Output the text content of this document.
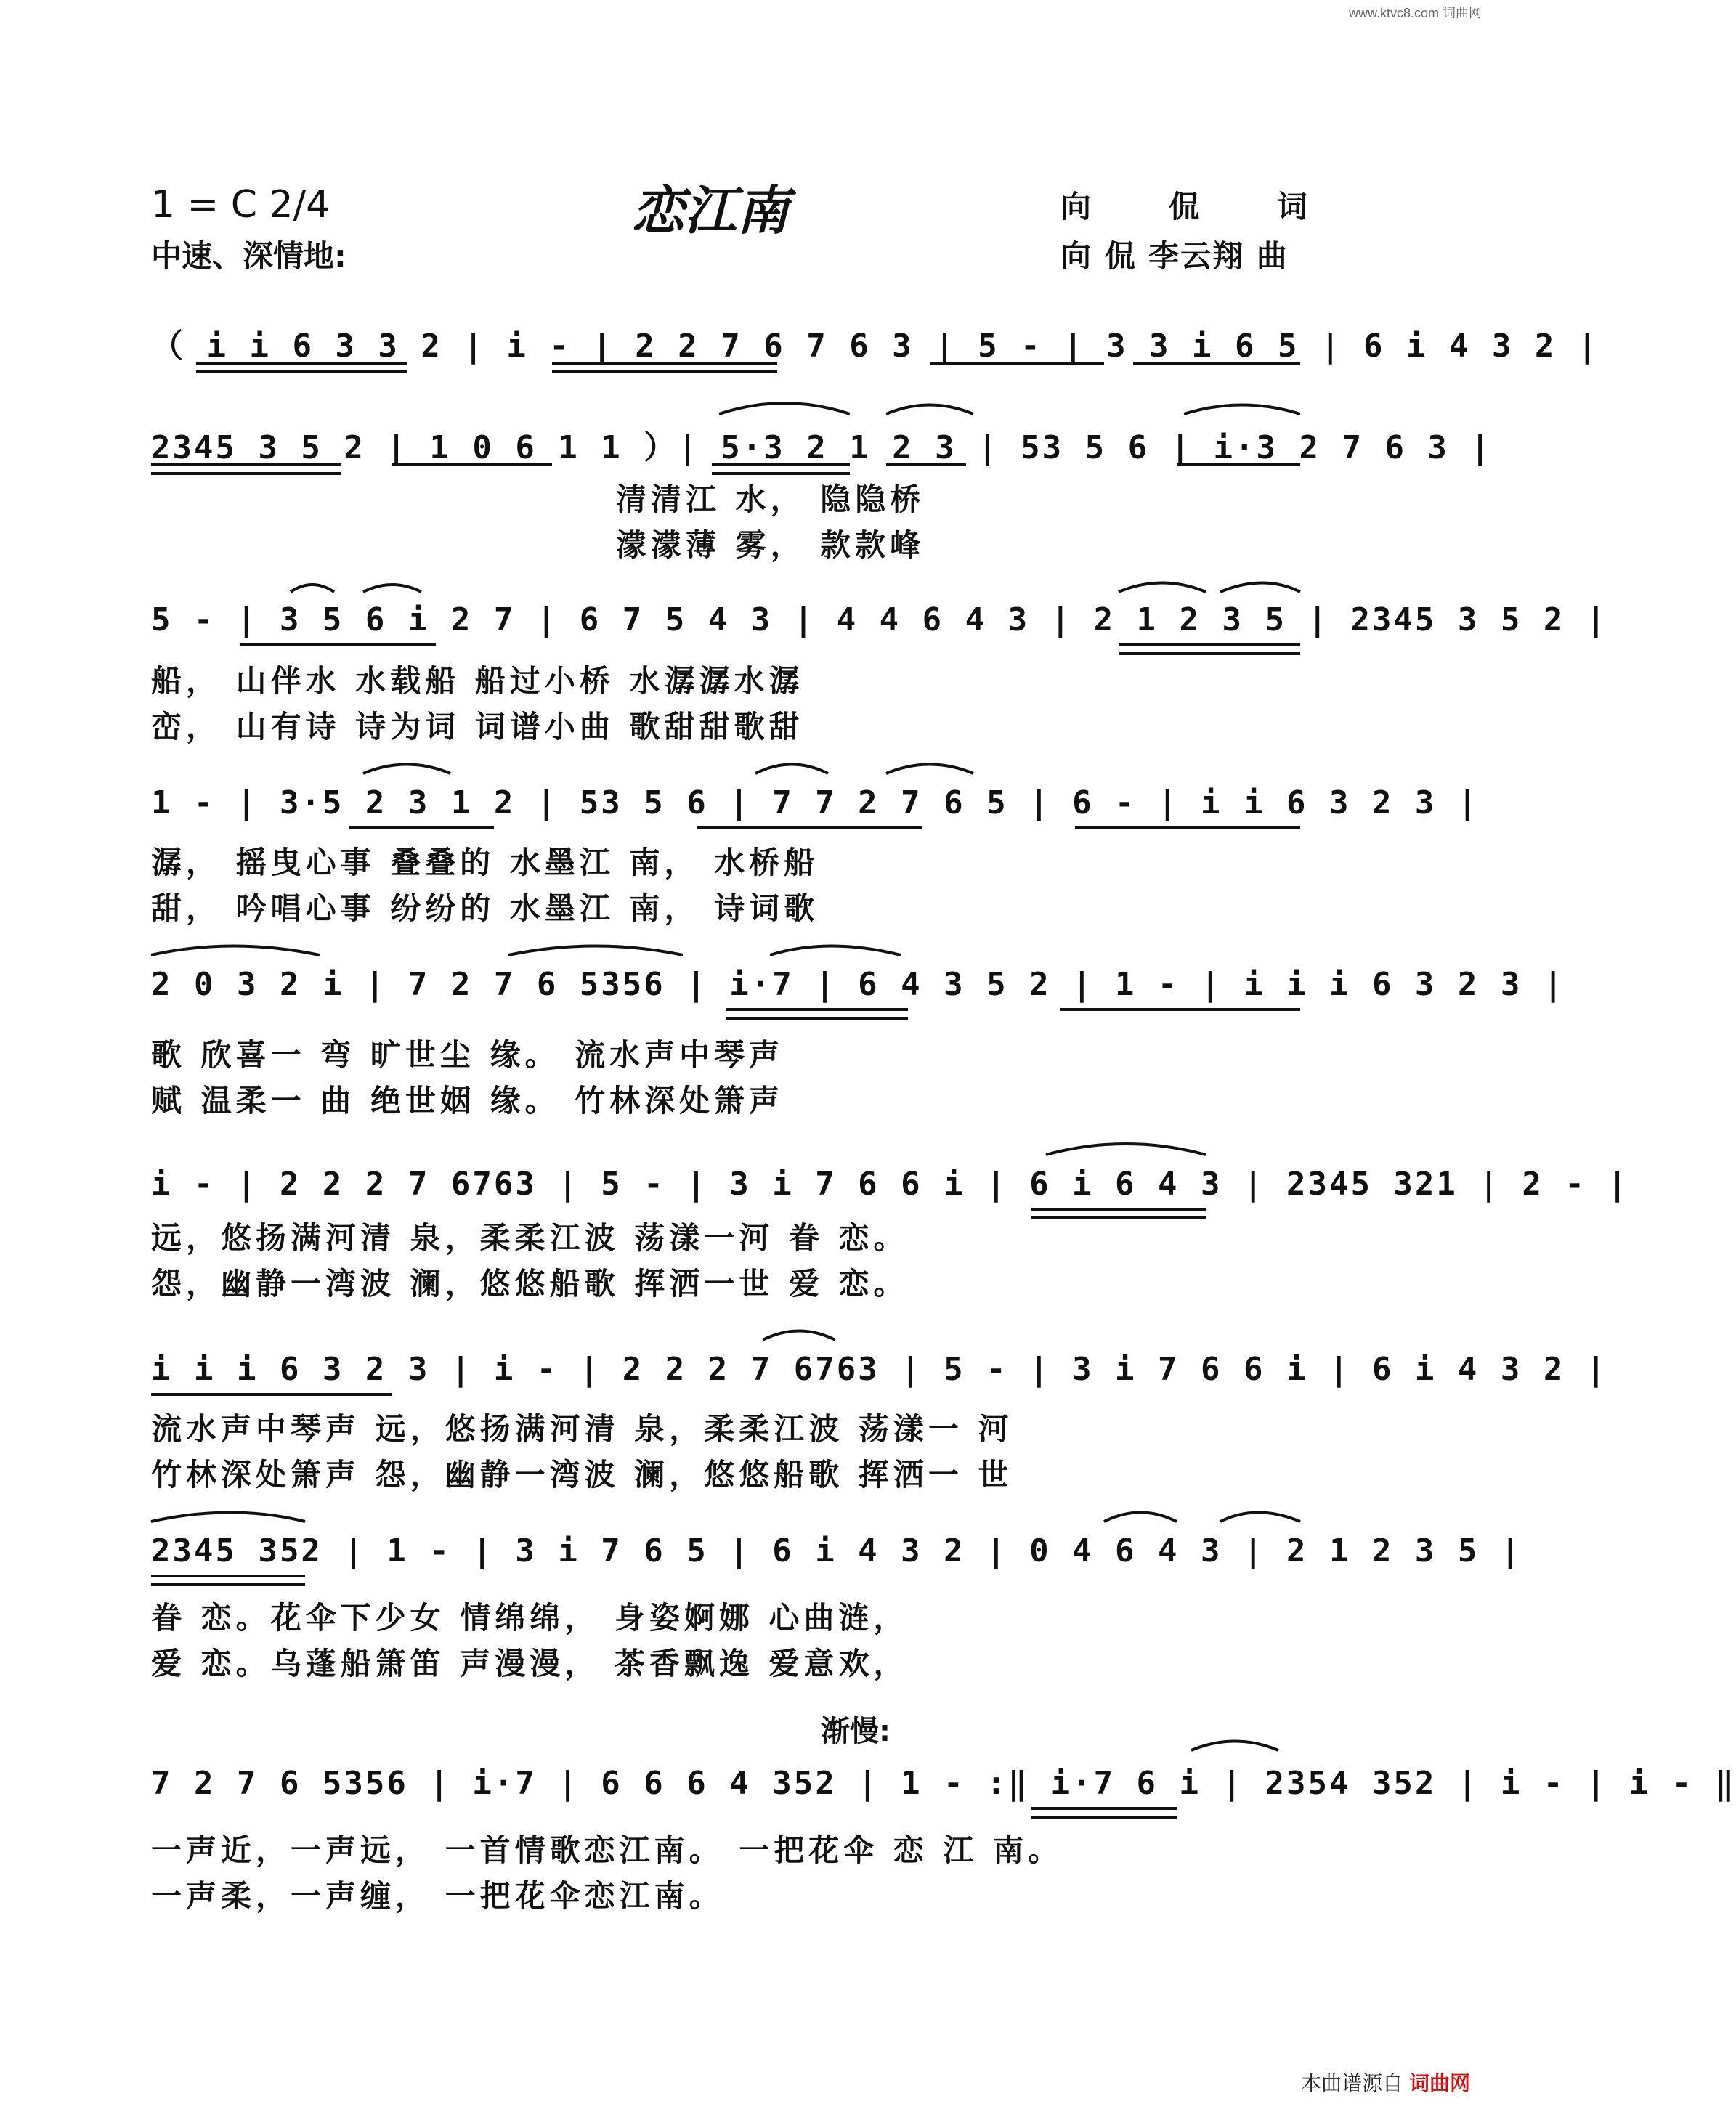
www.ktvc8.com 词曲网
1 = C 2/4
中速、深情地:
恋江南	向	侃	词
向 侃 李云翔 曲
（ i i 6 3 3 2 | i - | 2 2 7 6 7 6 3 | 5 - | 3 3 i 6 5 | 6 i 4 3 2 |
2345 3 5 2 | 1 0 6 1 1 ）| 5·3 2 1 2 3 | 53 5 6 | i·3 2 7 6 3 |
清清江 水， 隐隐桥
濛濛薄 雾， 款款峰
5 - | 3 5 6 i 2 7 | 6 7 5 4 3 | 4 4 6 4 3 | 2 1 2 3 5 | 2345 3 5 2 |
船， 山伴水 水载船 船过小桥 水潺潺水潺
峦， 山有诗 诗为词 词谱小曲 歌甜甜歌甜
1 - | 3·5 2 3 1 2 | 53 5 6 | 7 7 2 7 6 5 | 6 - | i i 6 3 2 3 |
潺， 摇曳心事 叠叠的 水墨江 南， 水桥船
甜， 吟唱心事 纷纷的 水墨江 南， 诗词歌
2 0 3 2 i | 7 2 7 6 5356 | i·7 | 6 4 3 5 2 | 1 - | i i i 6 3 2 3 |
歌 欣喜一 弯 旷世尘 缘。 流水声中琴声
赋 温柔一 曲 绝世姻 缘。 竹林深处箫声
i - | 2 2 2 7 6763 | 5 - | 3 i 7 6 6 i | 6 i 6 4 3 | 2345 321 | 2 - |
远，悠扬满河清 泉，柔柔江波 荡漾一河 眷 恋。
怨，幽静一湾波 澜，悠悠船歌 挥洒一世 爱 恋。
i i i 6 3 2 3 | i - | 2 2 2 7 6763 | 5 - | 3 i 7 6 6 i | 6 i 4 3 2 |
流水声中琴声 远，悠扬满河清 泉，柔柔江波 荡漾一 河
竹林深处箫声 怨，幽静一湾波 澜，悠悠船歌 挥洒一 世
2345 352 | 1 - | 3 i 7 6 5 | 6 i 4 3 2 | 0 4 6 4 3 | 2 1 2 3 5 |
眷 恋。花伞下少女 情绵绵， 身姿婀娜 心曲涟，
爱 恋。乌蓬船箫笛 声漫漫， 茶香飘逸 爱意欢，
渐慢:
7 2 7 6 5356 | i·7 | 6 6 6 4 352 | 1 - :‖ i·7 6 i | 2354 352 | i - | i - ‖
一声近，一声远， 一首情歌恋江南。 一把花伞 恋 江 南。
一声柔，一声缠， 一把花伞恋江南。
本曲谱源自 词曲网
